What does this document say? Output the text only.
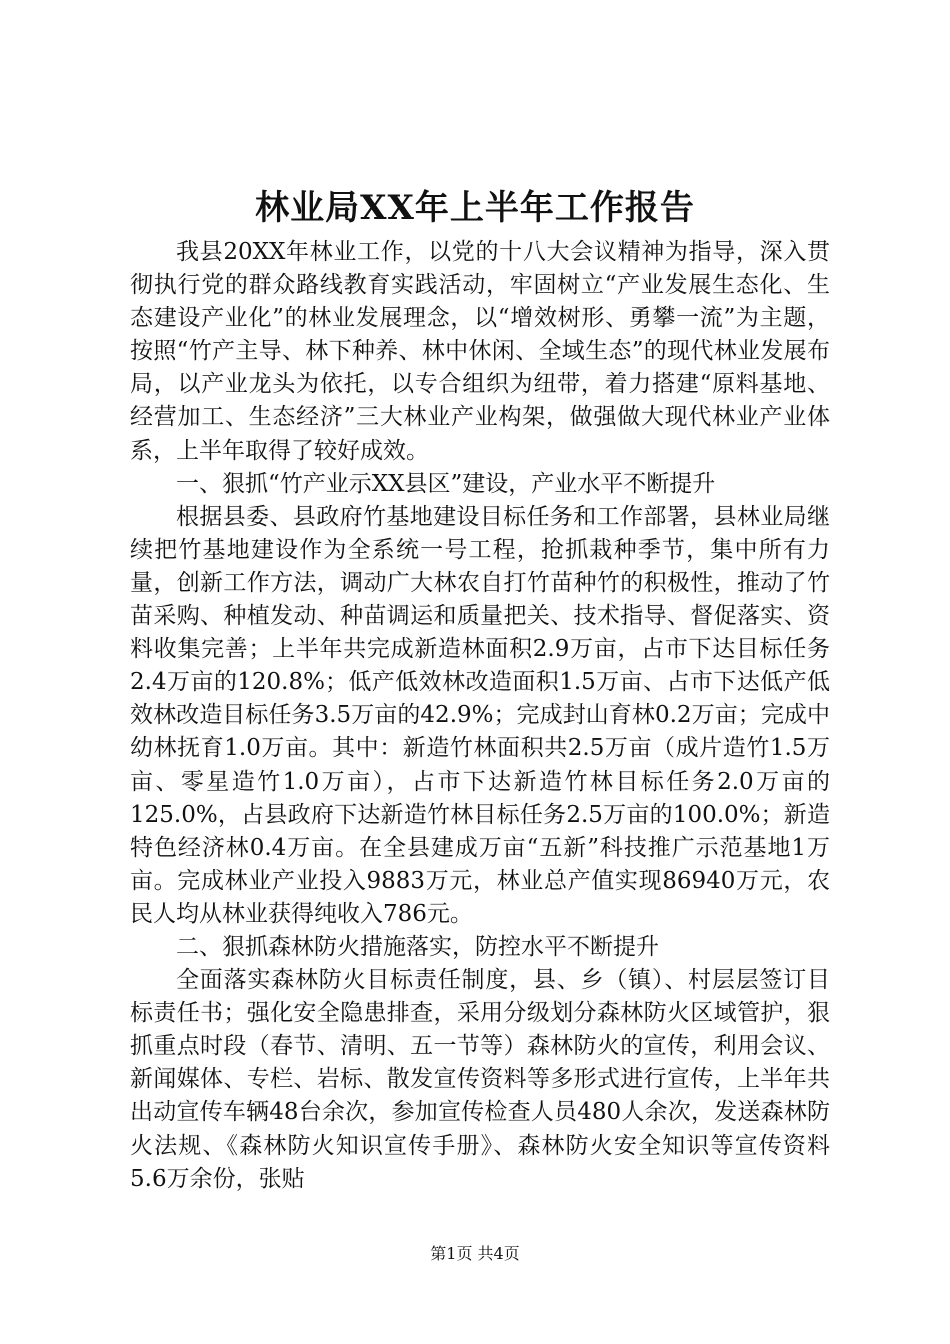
林业局XX年上半年工作报告

我县20XX年林业工作，以党的十八大会议精神为指导，深入贯彻执行党的群众路线教育实践活动，牢固树立“产业发展生态化、生态建设产业化”的林业发展理念，以“增效树形、勇攀一流”为主题，按照“竹产主导、林下种养、林中休闲、全域生态”的现代林业发展布局，以产业龙头为依托，以专合组织为纽带，着力搭建“原料基地、经营加工、生态经济”三大林业产业构架，做强做大现代林业产业体系，上半年取得了较好成效。

一、狠抓“竹产业示XX县区”建设，产业水平不断提升

根据县委、县政府竹基地建设目标任务和工作部署，县林业局继续把竹基地建设作为全系统一号工程，抢抓栽种季节，集中所有力量，创新工作方法，调动广大林农自打竹苗种竹的积极性，推动了竹苗采购、种植发动、种苗调运和质量把关、技术指导、督促落实、资料收集完善；上半年共完成新造林面积2.9万亩，占市下达目标任务2.4万亩的120.8%；低产低效林改造面积1.5万亩、占市下达低产低效林改造目标任务3.5万亩的42.9%；完成封山育林0.2万亩；完成中幼林抚育1.0万亩。其中：新造竹林面积共2.5万亩（成片造竹1.5万亩、零星造竹1.0万亩），占市下达新造竹林目标任务2.0万亩的125.0%，占县政府下达新造竹林目标任务2.5万亩的100.0%；新造特色经济林0.4万亩。在全县建成万亩“五新”科技推广示范基地1万亩。完成林业产业投入9883万元，林业总产值实现86940万元，农民人均从林业获得纯收入786元。

二、狠抓森林防火措施落实，防控水平不断提升

全面落实森林防火目标责任制度，县、乡（镇）、村层层签订目标责任书；强化安全隐患排查，采用分级划分森林防火区域管护，狠抓重点时段（春节、清明、五一节等）森林防火的宣传，利用会议、新闻媒体、专栏、岩标、散发宣传资料等多形式进行宣传，上半年共出动宣传车辆48台余次，参加宣传检查人员480人余次，发送森林防火法规、《森林防火知识宣传手册》、森林防火安全知识等宣传资料5.6万余份，张贴

第1页 共4页
